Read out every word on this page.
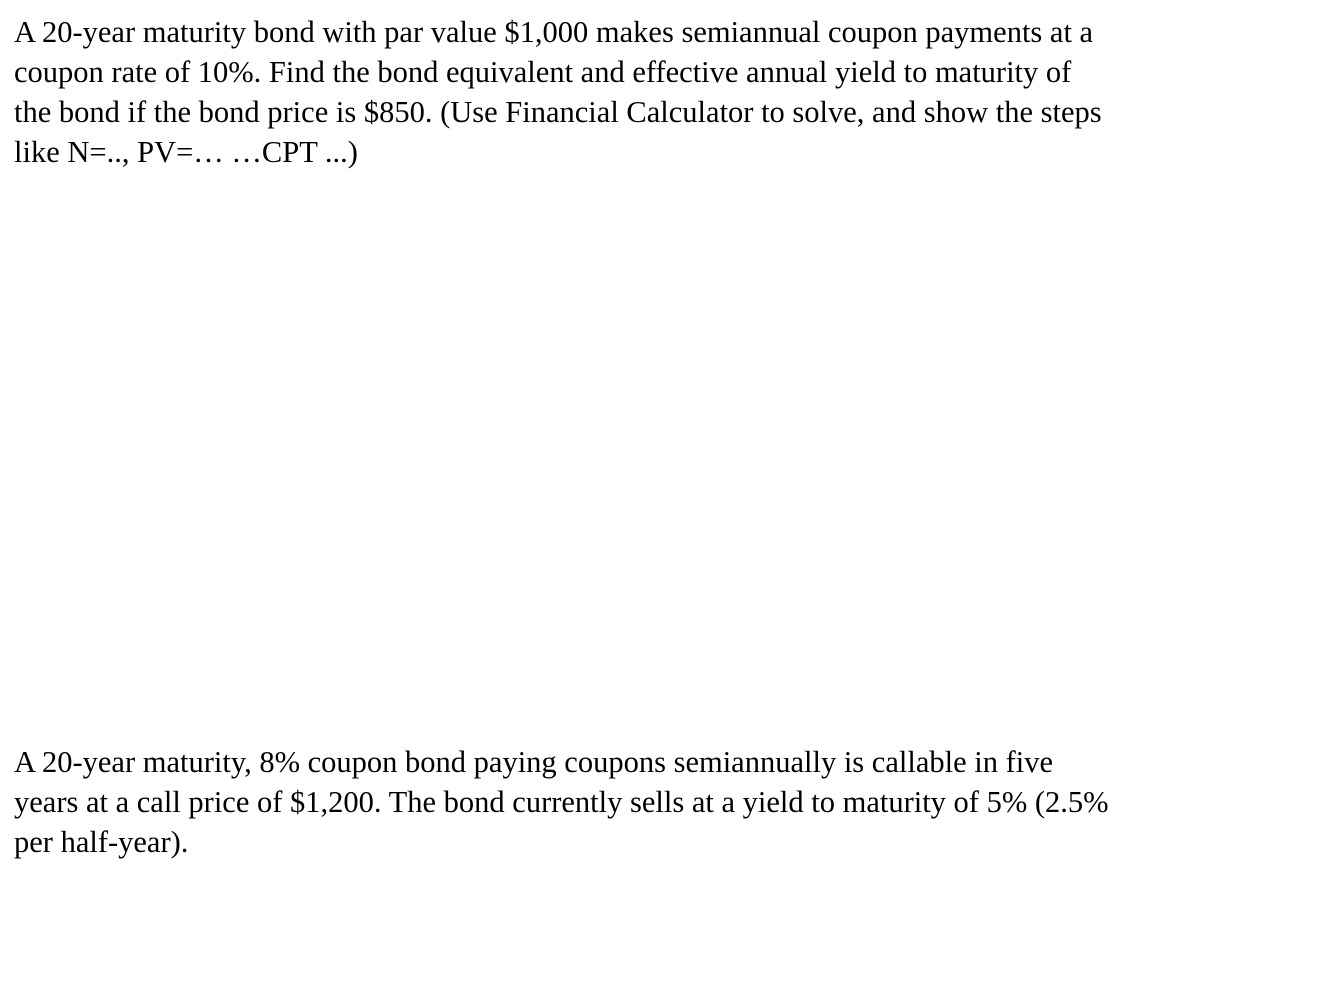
A 20-year maturity bond with par value $1,000 makes semiannual coupon payments at a
coupon rate of 10%. Find the bond equivalent and effective annual yield to maturity of
the bond if the bond price is $850. (Use Financial Calculator to solve, and show the steps
like N=.., PV=… …CPT ...)

A 20-year maturity, 8% coupon bond paying coupons semiannually is callable in five
years at a call price of $1,200. The bond currently sells at a yield to maturity of 5% (2.5%
per half-year).
